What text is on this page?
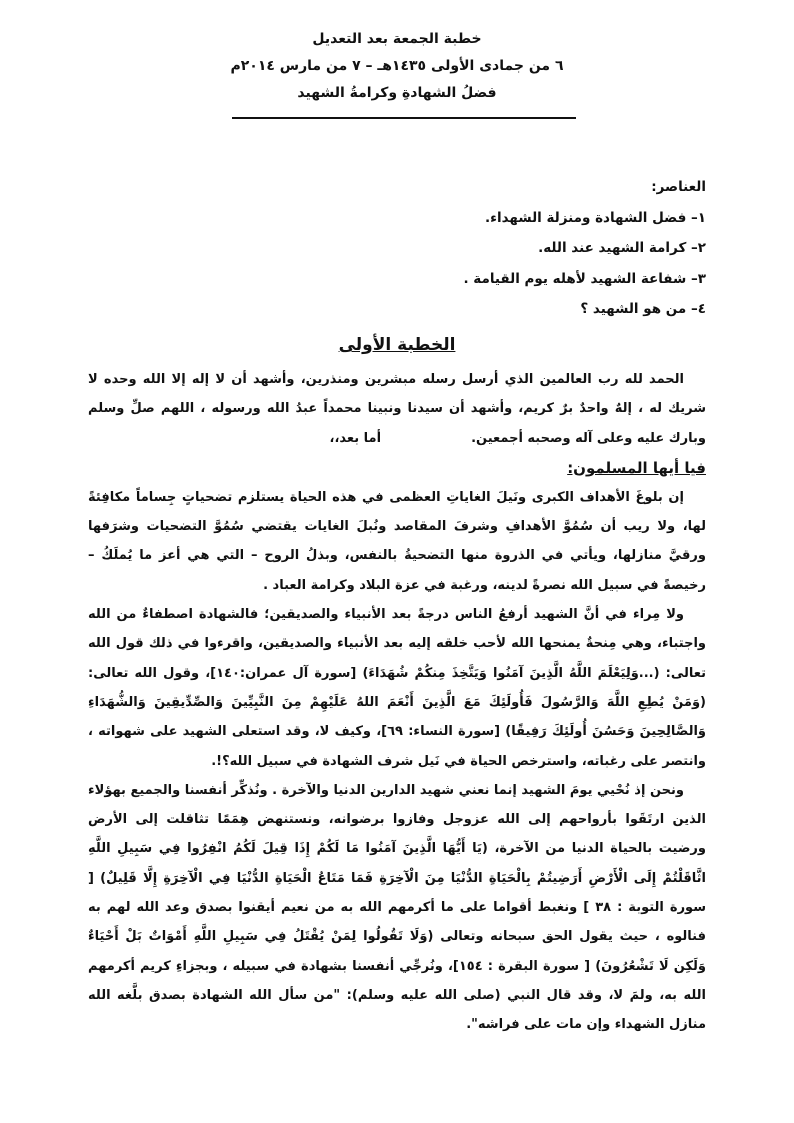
خطبة الجمعة بعد التعديل
٦ من جمادى الأولى ١٤٣٥هـ – ٧ من مارس ٢٠١٤م
فضلُ الشهادةِ وكرامةُ الشهيد
العناصر:
١– فضل الشهادة ومنزلة الشهداء.
٢– كرامة الشهيد عند الله.
٣– شفاعة الشهيد لأهله يوم القيامة .
٤– من هو الشهيد ؟
الخطبة الأولى

الحمد لله رب العالمين الذي أرسل رسله مبشرين ومنذرين، وأشهد أن لا إله إلا الله وحده لا شريك له ، إلهٌ واحدٌ برٌ كريم، وأشهد أن سيدنا ونبينا محمداً عبدُ الله ورسوله ، اللهم صلِّ وسلم وبارك عليه وعلى آله وصحبه أجمعين.أما بعد،،

فيا أيها المسلمون:

إن بلوغَ الأهداف الكبرى ونَيلَ الغاياتِ العظمى في هذه الحياة يستلزم تضحياتٍ جِساماً مكافِئةً لها، ولا ريب أن سُمُوَّ الأهدافِ وشرفَ المقاصد ونُبلَ الغايات يقتضي سُمُوَّ التضحيات وشرَفها ورقيَّ منازلها، ويأتي في الذروة منها التضحيةُ بالنفس، وبذلُ الروح – التي هي أعز ما يُملَكُ – رخيصةً في سبيل الله نصرةً لدينه، ورغبة في عزة البلاد وكرامة العباد .

ولا مِراء في أنَّ الشهيد أرفعُ الناس درجةً بعد الأنبياء والصديقين؛ فالشهادة اصطفاءٌ من الله واجتباء، وهي مِنحةٌ يمنحها الله لأحب خلقه إليه بعد الأنبياء والصديقين، واقرءوا في ذلك قول الله تعالى: (...وَلِيَعْلَمَ اللَّهُ الَّذِينَ آمَنُوا وَيَتَّخِذَ مِنكُمْ شُهَدَاءَ) [سورة آل عمران:١٤٠]، وقول الله تعالى: (وَمَنْ يُطِعِ اللَّهَ وَالرَّسُولَ فَأُولَئِكَ مَعَ الَّذِينَ أَنْعَمَ اللهُ عَلَيْهِمْ مِنَ النَّبِيِّينَ وَالصِّدِّيقِينَ وَالشُّهَدَاءِ وَالصَّالِحِينَ وَحَسُنَ أُولَئِكَ رَفِيقًا) [سورة النساء: ٦٩]، وكيف لا، وقد استعلى الشهيد على شهواته ، وانتصر على رغباته، واسترخص الحياة في نَيل شرف الشهادة في سبيل الله؟!.

ونحن إذ نُحْيي يومَ الشهيد إنما نعني شهيد الدارين الدنيا والآخرة . ونُذكِّر أنفسنا والجميع بهؤلاء الذين ارتَقَوا بأرواحهم إلى الله عزوجل وفازوا برضوانه، ونستنهض هِمَمًا تثاقلت إلى الأرض ورضيت بالحياة الدنيا من الآخرة، (يَا أَيُّهَا الَّذِينَ آمَنُوا مَا لَكُمْ إِذَا قِيلَ لَكُمُ انْفِرُوا فِي سَبِيلِ اللَّهِ اثَّاقَلْتُمْ إِلَى الْأَرْضِ أَرَضِيتُمْ بِالْحَيَاةِ الدُّنْيَا مِنَ الْآخِرَةِ فَمَا مَتَاعُ الْحَيَاةِ الدُّنْيَا فِي الْآخِرَةِ إِلَّا قَلِيلٌ) [ سورة التوبة : ٣٨ ] ونغبط أقواما على ما أكرمهم الله به من نعيم أيقنوا بصدق وعد الله لهم به فنالوه ، حيث يقول الحق سبحانه وتعالى (وَلَا تَقُولُوا لِمَنْ يُقْتَلُ فِي سَبِيلِ اللَّهِ أَمْوَاتٌ بَلْ أَحْيَاءٌ وَلَكِن لَا تَشْعُرُونَ) [ سورة البقرة : ١٥٤]، ونُرجِّي أنفسنا بشهادة في سبيله ، وبجزاءِ كريم أكرمهم الله به، ولمَ لا، وقد قال النبي (صلى الله عليه وسلم): "من سأل الله الشهادة بصدق بلَّغه الله منازل الشهداء وإن مات على فراشه".
